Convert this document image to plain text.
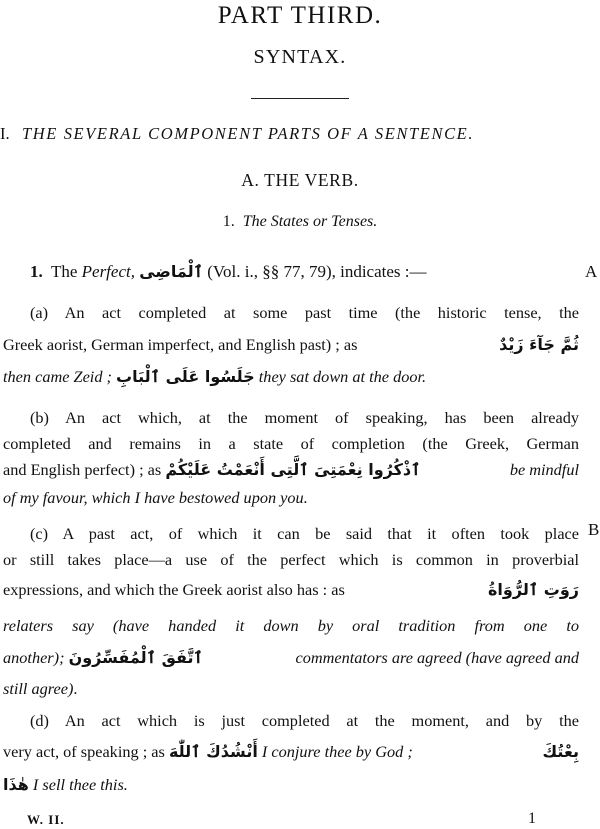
PART THIRD.
SYNTAX.
I. THE SEVERAL COMPONENT PARTS OF A SENTENCE.
A. THE VERB.
1. The States or Tenses.
1. The Perfect, ٱلْمَاضِى (Vol. i., §§ 77, 79), indicates :—	A
(a) An act completed at some past time (the historic tense, the
Greek aorist, German imperfect, and English past) ; as	ثُمَّ جَآءَ زَيْدٌ
then came Zeid ; جَلَسُوا عَلَى ٱلْبَابِ they sat down at the door.
(b) An act which, at the moment of speaking, has been already
completed and remains in a state of completion (the Greek, German
and English perfect) ; as ٱذْكُرُوا نِعْمَتِىَ ٱلَّتِى أَنْعَمْتُ عَلَيْكُمْ	be mindful
of my favour, which I have bestowed upon you.
(c) A past act, of which it can be said that it often took place B
or still takes place—a use of the perfect which is common in proverbial
expressions, and which the Greek aorist also has : as	رَوَتِ ٱلرُّوَاةُ
relaters say (have handed it down by oral tradition from one to
another); ٱتَّفَقَ ٱلْمُفَسِّرُونَ	commentators are agreed (have agreed and
still agree).
(d) An act which is just completed at the moment, and by the
very act, of speaking ; as أَنْشُدُكَ ٱللّٰهَ I conjure thee by God ;	بِعْتُكَ
هٰذَا I sell thee this.
W. II.	1
